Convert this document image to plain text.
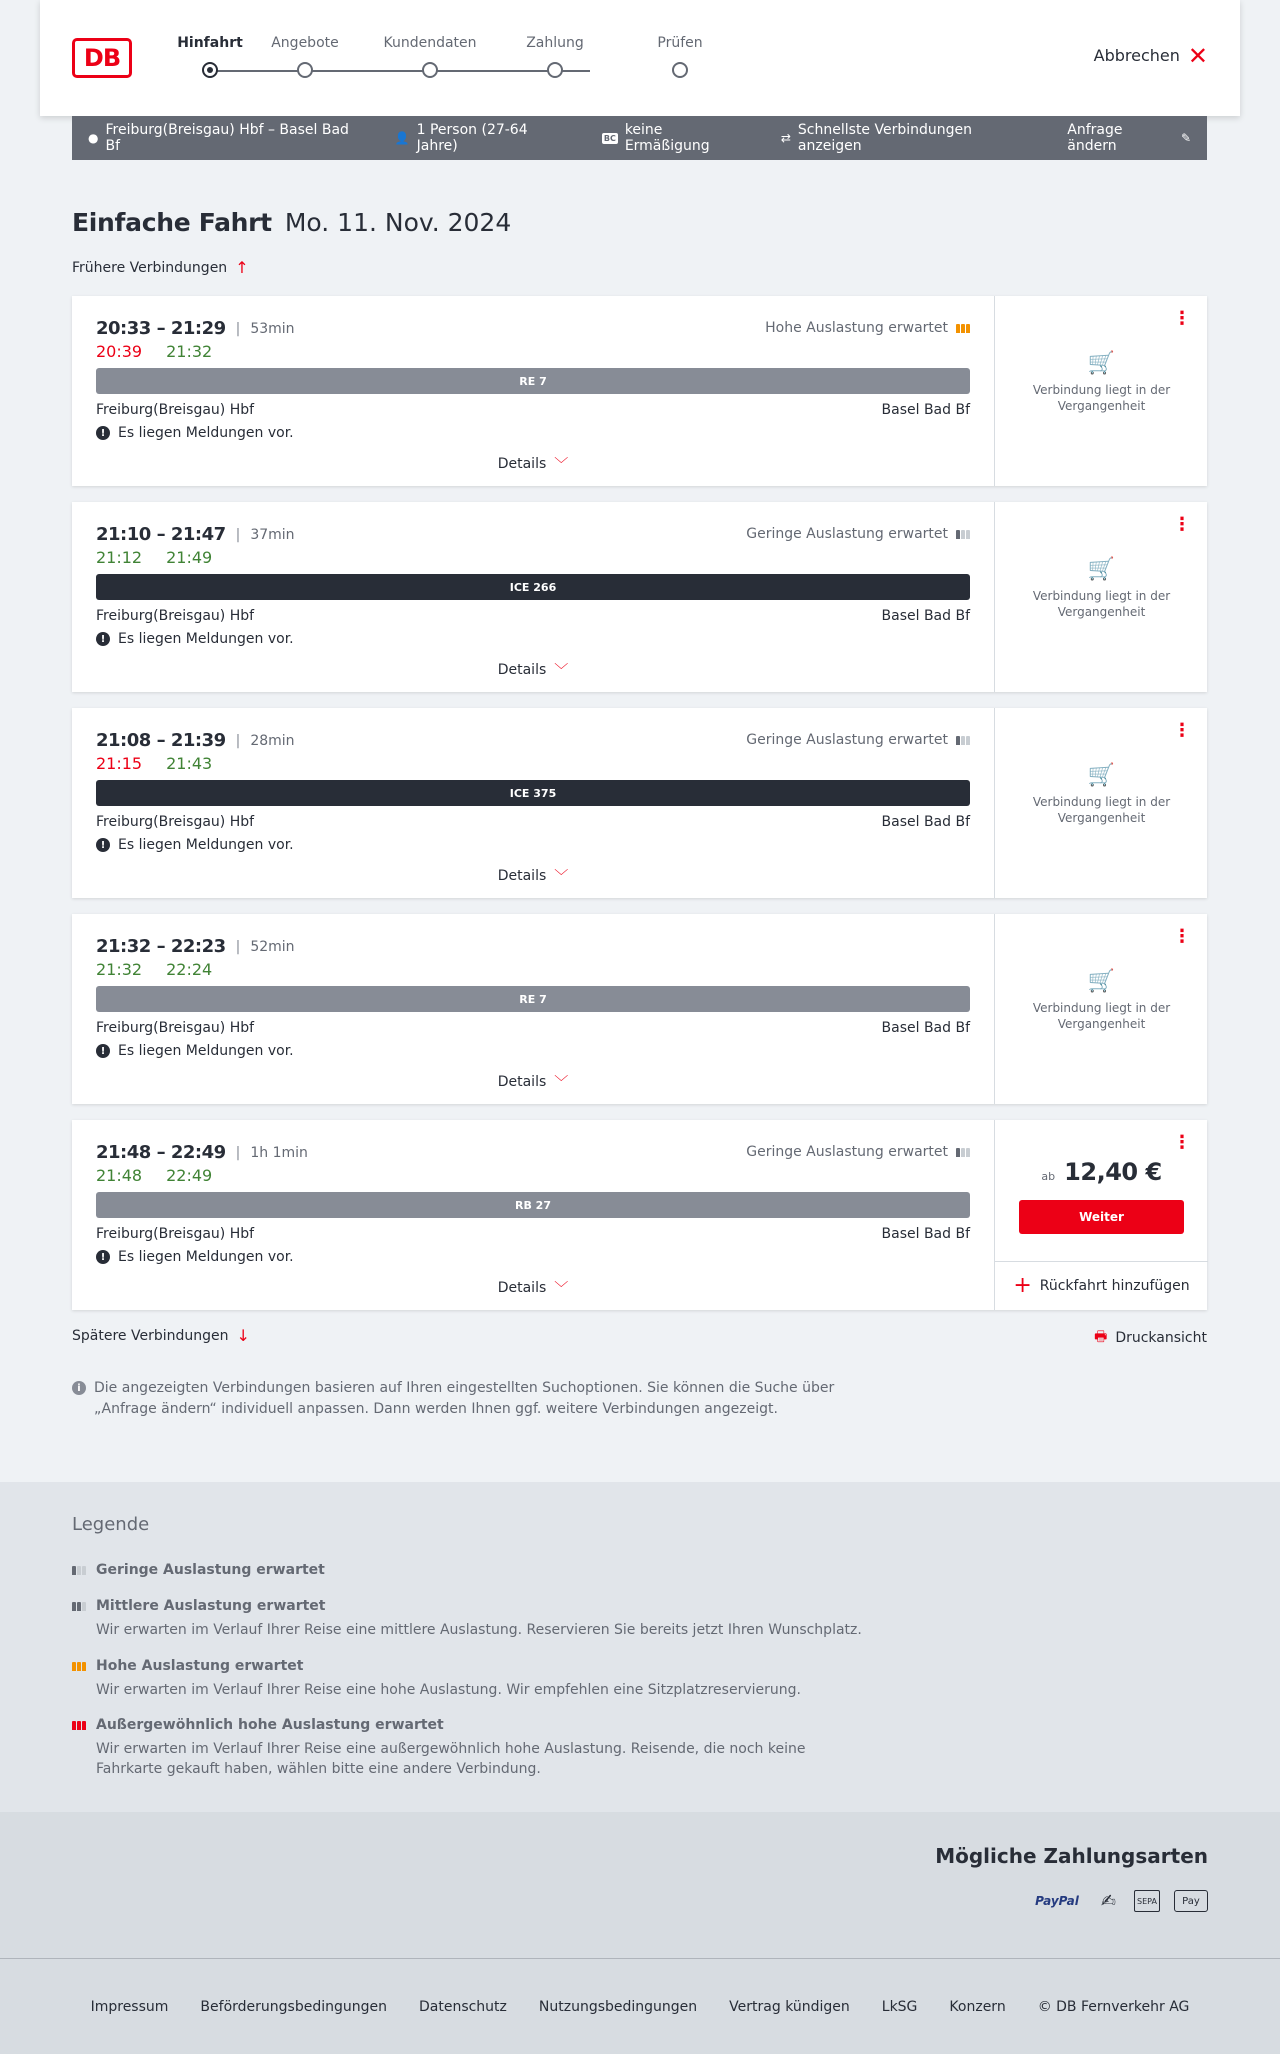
DB
Hinfahrt	Angebote	Kundendaten	Zahlung	Prüfen
Abbrechen ✕
● Freiburg(Breisgau) Hbf – Basel Bad Bf	👤 1 Person (27-64 Jahre)	BC keine Ermäßigung	⇄ Schnellste Verbindungen anzeigen
Anfrage ändern	✎
Einfache Fahrt Mo. 11. Nov. 2024
Frühere Verbindungen ↑
20:33 – 21:29 | 53min
20:39 21:32
Hohe Auslastung erwartet
RE 7
Freiburg(Breisgau) Hbf	Basel Bad Bf
! Es liegen Meldungen vor.
Details ﹀
⋮
🛒
Verbindung liegt in der Vergangenheit
21:10 – 21:47 | 37min
21:12 21:49
Geringe Auslastung erwartet
ICE 266
Freiburg(Breisgau) Hbf	Basel Bad Bf
! Es liegen Meldungen vor.
Details ﹀
⋮
🛒
Verbindung liegt in der Vergangenheit
21:08 – 21:39 | 28min
21:15 21:43
Geringe Auslastung erwartet
ICE 375
Freiburg(Breisgau) Hbf	Basel Bad Bf
! Es liegen Meldungen vor.
Details ﹀
⋮
🛒
Verbindung liegt in der Vergangenheit
21:32 – 22:23 | 52min
21:32 22:24
RE 7
Freiburg(Breisgau) Hbf	Basel Bad Bf
! Es liegen Meldungen vor.
Details ﹀
⋮
🛒
Verbindung liegt in der Vergangenheit
21:48 – 22:49 | 1h 1min
21:48 22:49
Geringe Auslastung erwartet
RB 27
Freiburg(Breisgau) Hbf	Basel Bad Bf
! Es liegen Meldungen vor.
Details ﹀
⋮
ab 12,40 €
Weiter
+ Rückfahrt hinzufügen
Spätere Verbindungen ↓	🖶 Druckansicht
i Die angezeigten Verbindungen basieren auf Ihren eingestellten Suchoptionen. Sie können die Suche über „Anfrage ändern“ individuell anpassen. Dann werden Ihnen ggf. weitere Verbindungen angezeigt.
Legende
Geringe Auslastung erwartet
Mittlere Auslastung erwartet
Wir erwarten im Verlauf Ihrer Reise eine mittlere Auslastung. Reservieren Sie bereits jetzt Ihren Wunschplatz.
Hohe Auslastung erwartet
Wir erwarten im Verlauf Ihrer Reise eine hohe Auslastung. Wir empfehlen eine Sitzplatzreservierung.
Außergewöhnlich hohe Auslastung erwartet
Wir erwarten im Verlauf Ihrer Reise eine außergewöhnlich hohe Auslastung. Reisende, die noch keine Fahrkarte gekauft haben, wählen bitte eine andere Verbindung.
Mögliche Zahlungsarten
PayPal ✍	SEPA	Pay
Impressum Beförderungsbedingungen Datenschutz Nutzungsbedingungen Vertrag kündigen LkSG Konzern © DB Fernverkehr AG
